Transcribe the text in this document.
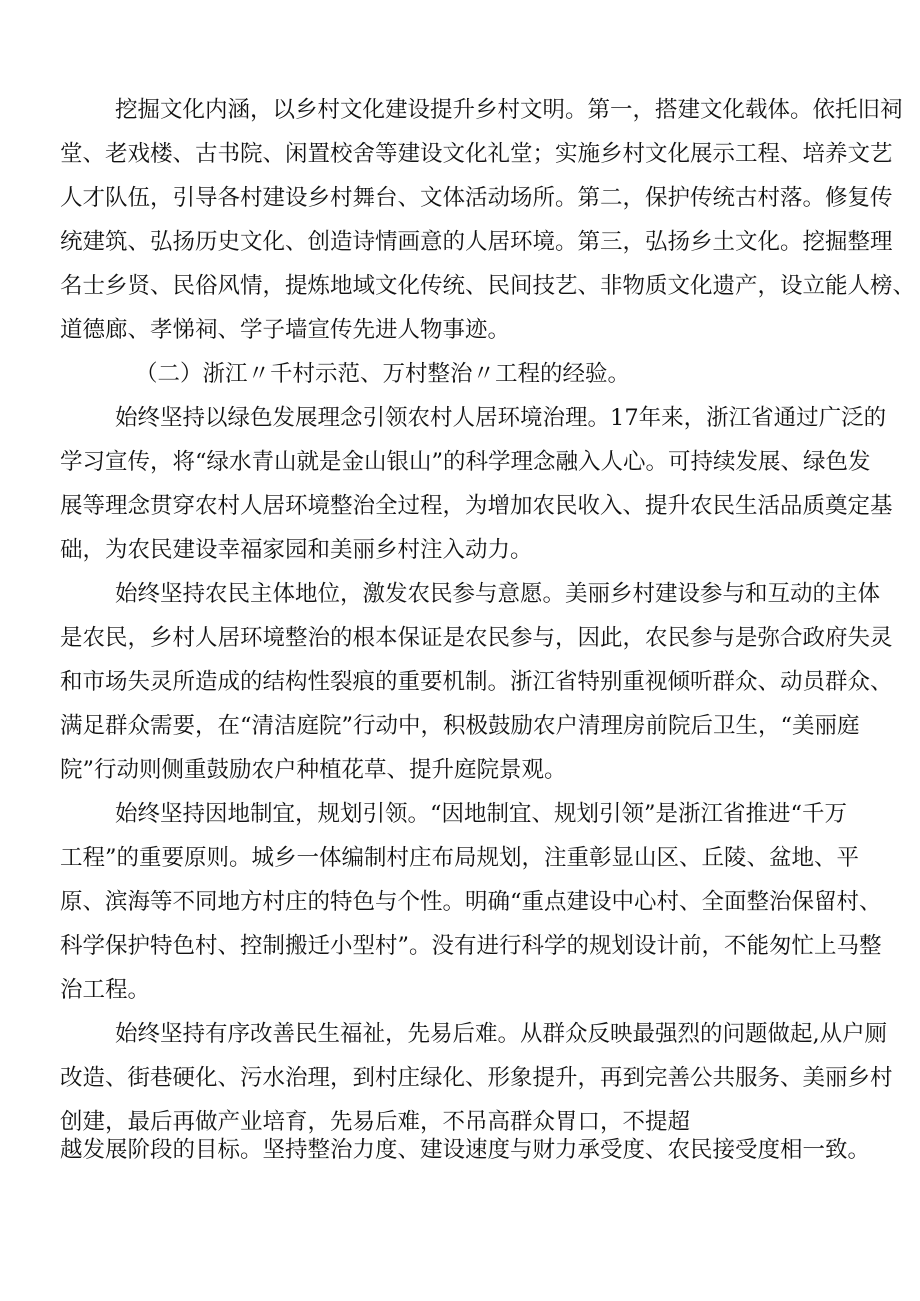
挖掘文化内涵，以乡村文化建设提升乡村文明。第一，搭建文化载体。依托旧祠
堂、老戏楼、古书院、闲置校舍等建设文化礼堂；实施乡村文化展示工程、培养文艺
人才队伍，引导各村建设乡村舞台、文体活动场所。第二，保护传统古村落。修复传
统建筑、弘扬历史文化、创造诗情画意的人居环境。第三，弘扬乡土文化。挖掘整理
名士乡贤、民俗风情，提炼地域文化传统、民间技艺、非物质文化遗产，设立能人榜、
道德廊、孝悌祠、学子墙宣传先进人物事迹。
（二）浙江〃千村示范、万村整治〃工程的经验。
始终坚持以绿色发展理念引领农村人居环境治理。17年来，浙江省通过广泛的
学习宣传，将“绿水青山就是金山银山”的科学理念融入人心。可持续发展、绿色发
展等理念贯穿农村人居环境整治全过程，为增加农民收入、提升农民生活品质奠定基
础，为农民建设幸福家园和美丽乡村注入动力。
始终坚持农民主体地位，激发农民参与意愿。美丽乡村建设参与和互动的主体
是农民，乡村人居环境整治的根本保证是农民参与，因此，农民参与是弥合政府失灵
和市场失灵所造成的结构性裂痕的重要机制。浙江省特别重视倾听群众、动员群众、
满足群众需要，在“清洁庭院”行动中，积极鼓励农户清理房前院后卫生，“美丽庭
院”行动则侧重鼓励农户种植花草、提升庭院景观。
始终坚持因地制宜，规划引领。“因地制宜、规划引领”是浙江省推进“千万
工程”的重要原则。城乡一体编制村庄布局规划，注重彰显山区、丘陵、盆地、平
原、滨海等不同地方村庄的特色与个性。明确“重点建设中心村、全面整治保留村、
科学保护特色村、控制搬迁小型村”。没有进行科学的规划设计前，不能匆忙上马整
治工程。
始终坚持有序改善民生福祉，先易后难。从群众反映最强烈的问题做起,从户厕
改造、街巷硬化、污水治理，到村庄绿化、形象提升，再到完善公共服务、美丽乡村
创建，最后再做产业培育，先易后难，不吊高群众胃口，不提超
越发展阶段的目标。坚持整治力度、建设速度与财力承受度、农民接受度相一致。
